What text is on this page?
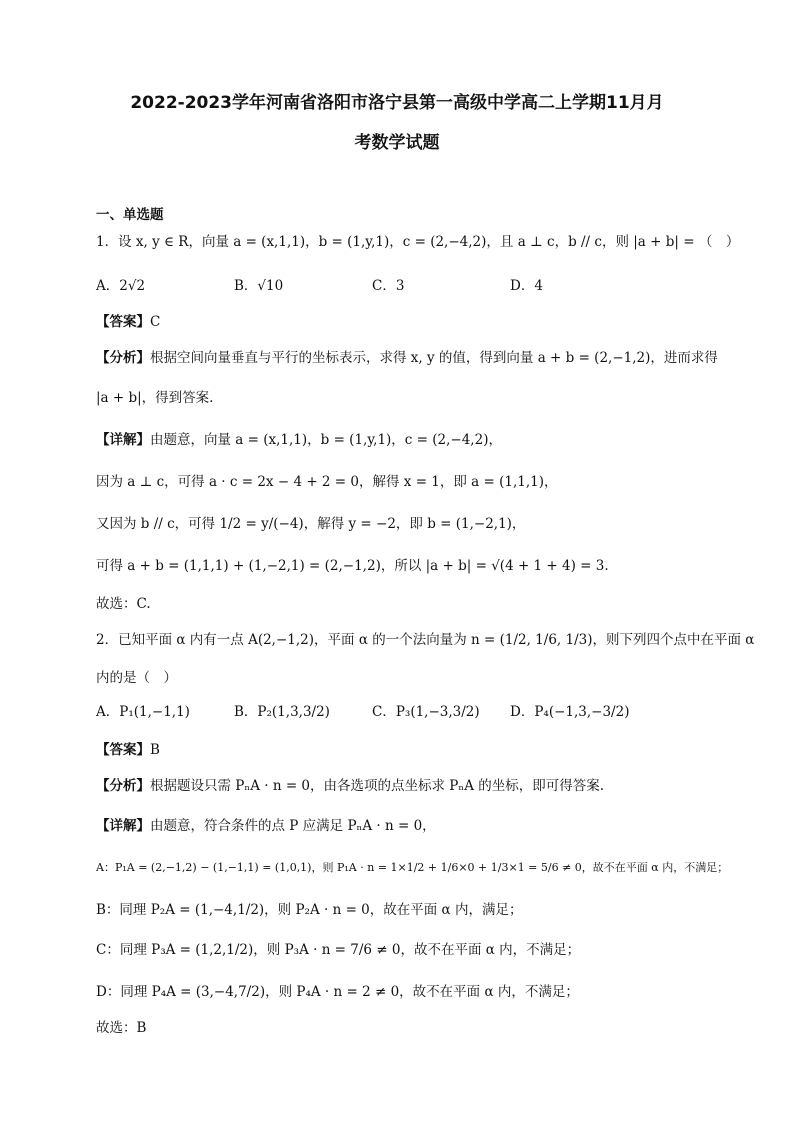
2022-2023学年河南省洛阳市洛宁县第一高级中学高二上学期11月月
考数学试题
一、单选题
1．设 x, y ∈ R，向量 a = (x,1,1)，b = (1,y,1)，c = (2,−4,2)，且 a ⊥ c，b // c，则 |a + b| = （　）
A．2√2	B．√10	C．3	D．4
【答案】C
【分析】根据空间向量垂直与平行的坐标表示，求得 x, y 的值，得到向量 a + b = (2,−1,2)，进而求得
|a + b|，得到答案.
【详解】由题意，向量 a = (x,1,1)，b = (1,y,1)，c = (2,−4,2)，
因为 a ⊥ c，可得 a · c = 2x − 4 + 2 = 0，解得 x = 1，即 a = (1,1,1)，
又因为 b // c，可得 1/2 = y/(−4)，解得 y = −2，即 b = (1,−2,1)，
可得 a + b = (1,1,1) + (1,−2,1) = (2,−1,2)，所以 |a + b| = √(4 + 1 + 4) = 3.
故选：C.
2．已知平面 α 内有一点 A(2,−1,2)，平面 α 的一个法向量为 n = (1/2, 1/6, 1/3)，则下列四个点中在平面 α
内的是（　）
A．P₁(1,−1,1)	B．P₂(1,3,3/2)	C．P₃(1,−3,3/2) D．P₄(−1,3,−3/2)
【答案】B
【分析】根据题设只需 PₙA · n = 0，由各选项的点坐标求 PₙA 的坐标，即可得答案.
【详解】由题意，符合条件的点 P 应满足 PₙA · n = 0，
A：P₁A = (2,−1,2) − (1,−1,1) = (1,0,1)，则 P₁A · n = 1×1/2 + 1/6×0 + 1/3×1 = 5/6 ≠ 0，故不在平面 α 内，不满足；
B：同理 P₂A = (1,−4,1/2)，则 P₂A · n = 0，故在平面 α 内，满足；
C：同理 P₃A = (1,2,1/2)，则 P₃A · n = 7/6 ≠ 0，故不在平面 α 内，不满足；
D：同理 P₄A = (3,−4,7/2)，则 P₄A · n = 2 ≠ 0，故不在平面 α 内，不满足；
故选：B
